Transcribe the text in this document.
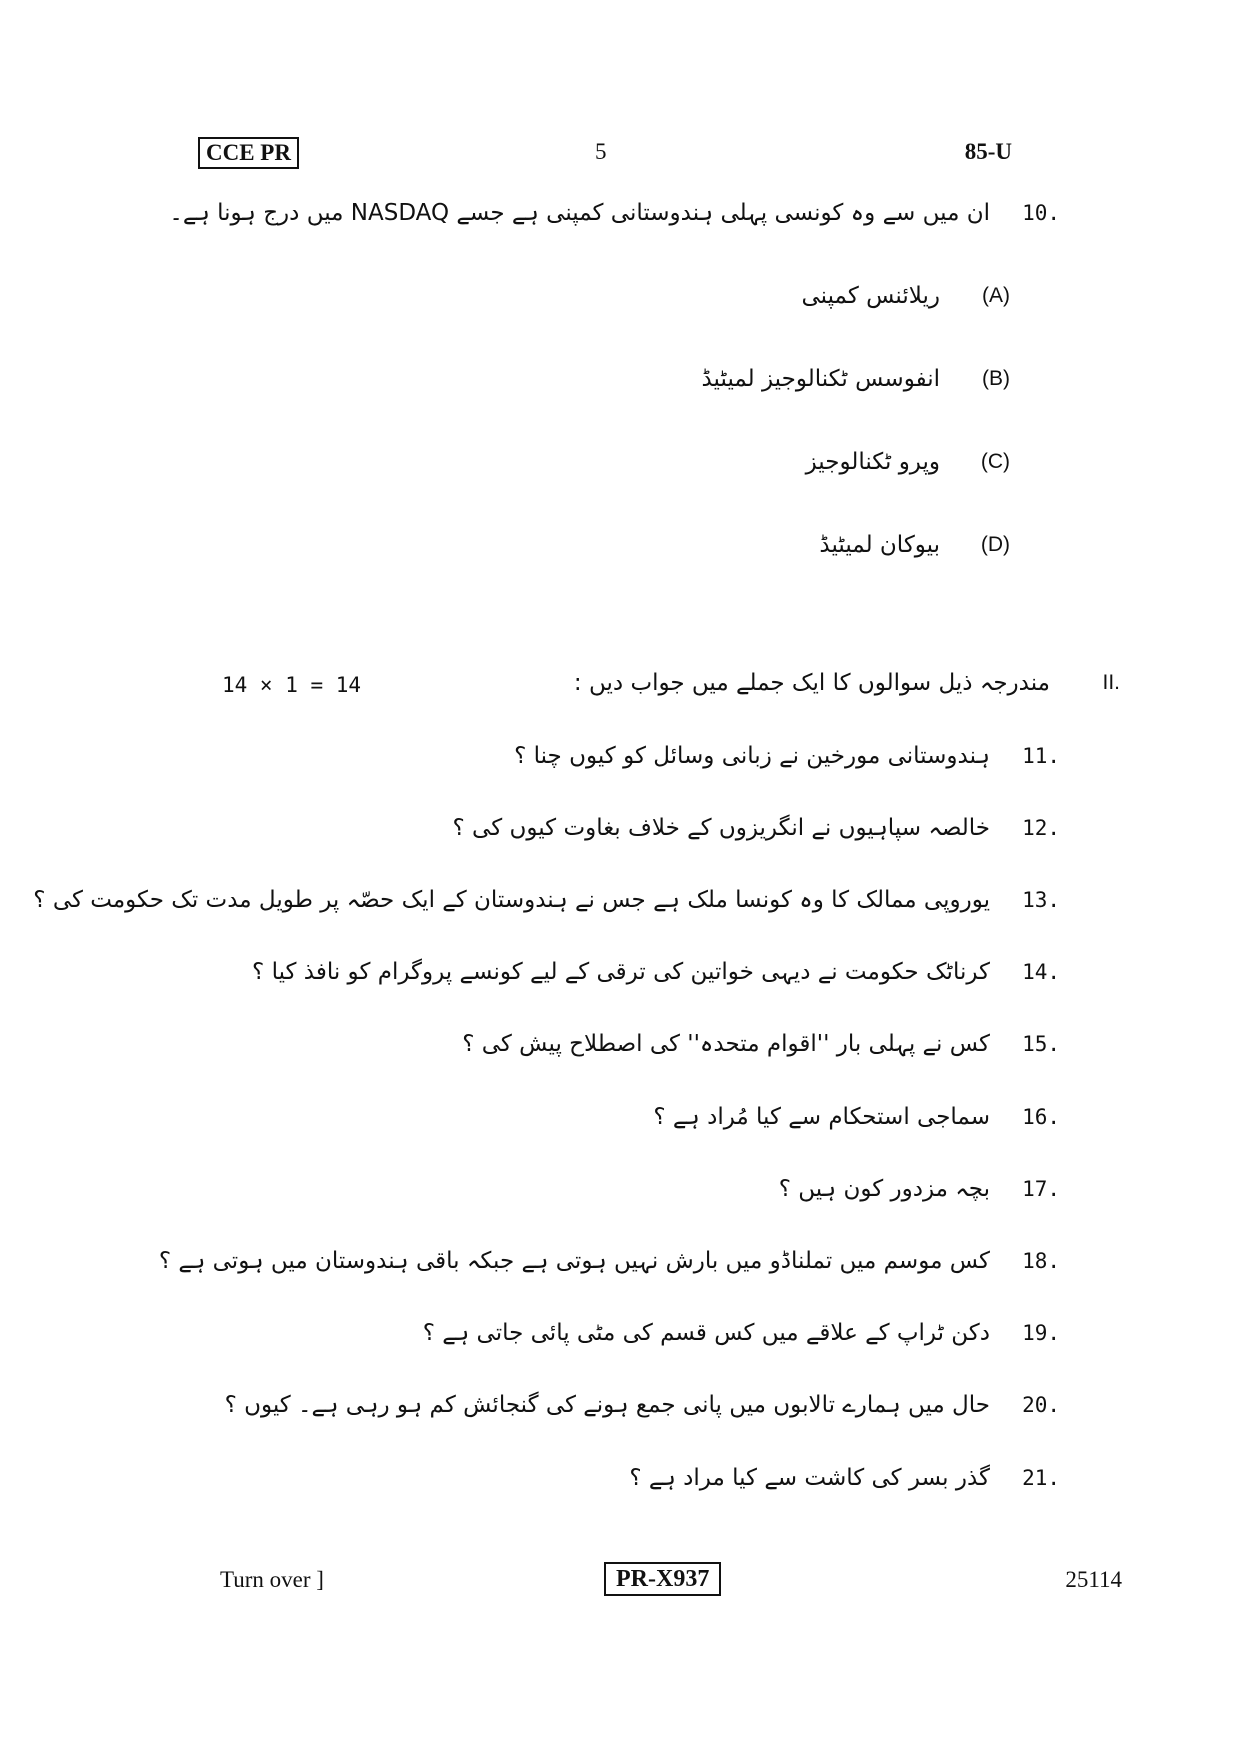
CCE PR	5	85-U
10.
ان میں سے وہ کونسی پہلی ہندوستانی کمپنی ہے جسے NASDAQ میں درج ہونا ہے۔
(A)
ریلائنس کمپنی
(B)
انفوسس ٹکنالوجیز لمیٹیڈ
(C)
وپرو ٹکنالوجیز
(D)
بیوکان لمیٹیڈ
14 × 1 = 14	II.
مندرجہ ذیل سوالوں کا ایک جملے میں جواب دیں :
11.
ہندوستانی مورخین نے زبانی وسائل کو کیوں چنا ؟
12.
خالصہ سپاہیوں نے انگریزوں کے خلاف بغاوت کیوں کی ؟
13.
یوروپی ممالک کا وہ کونسا ملک ہے جس نے ہندوستان کے ایک حصّہ پر طویل مدت تک حکومت کی ؟
14.
کرناٹک حکومت نے دیہی خواتین کی ترقی کے لیے کونسے پروگرام کو نافذ کیا ؟
15.
کس نے پہلی بار ''اقوام متحدہ'' کی اصطلاح پیش کی ؟
16.
سماجی استحکام سے کیا مُراد ہے ؟
17.
بچہ مزدور کون ہیں ؟
18.
کس موسم میں تملناڈو میں بارش نہیں ہوتی ہے جبکہ باقی ہندوستان میں ہوتی ہے ؟
19.
دکن ٹراپ کے علاقے میں کس قسم کی مٹی پائی جاتی ہے ؟
20.
حال میں ہمارے تالابوں میں پانی جمع ہونے کی گنجائش کم ہو رہی ہے۔ کیوں ؟
21.
گذر بسر کی کاشت سے کیا مراد ہے ؟
Turn over ]	PR-X937	25114
